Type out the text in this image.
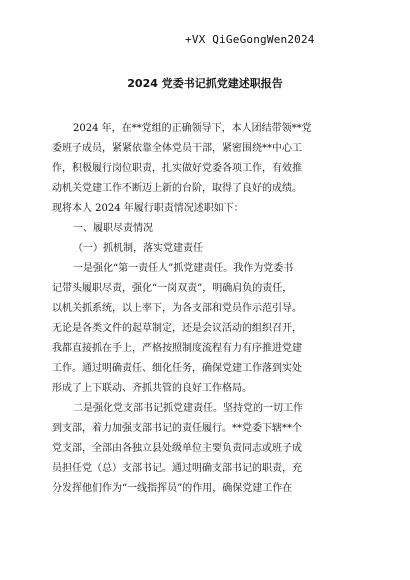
+VX QiGeGongWen2024
2024 党委书记抓党建述职报告
2024 年，在**党组的正确领导下，本人团结带领**党
委班子成员，紧紧依靠全体党员干部，紧密围绕**中心工
作，积极履行岗位职责，扎实做好党委各项工作，有效推
动机关党建工作不断迈上新的台阶，取得了良好的成绩。
现将本人 2024 年履行职责情况述职如下：
一、履职尽责情况
（一）抓机制，落实党建责任
一是强化“第一责任人”抓党建责任。我作为党委书
记带头履职尽责，强化“一岗双责”，明确肩负的责任，
以机关抓系统，以上率下，为各支部和党员作示范引导。
无论是各类文件的起草制定，还是会议活动的组织召开，
我都直接抓在手上，严格按照制度流程有力有序推进党建
工作。通过明确责任、细化任务，确保党建工作落到实处
形成了上下联动、齐抓共管的良好工作格局。
二是强化党支部书记抓党建责任。坚持党的一切工作
到支部，着力加强支部书记的责任履行。**党委下辖**个
党支部，全部由各独立县处级单位主要负责同志或班子成
员担任党（总）支部书记。通过明确支部书记的职责，充
分发挥他们作为“一线指挥员”的作用，确保党建工作在
